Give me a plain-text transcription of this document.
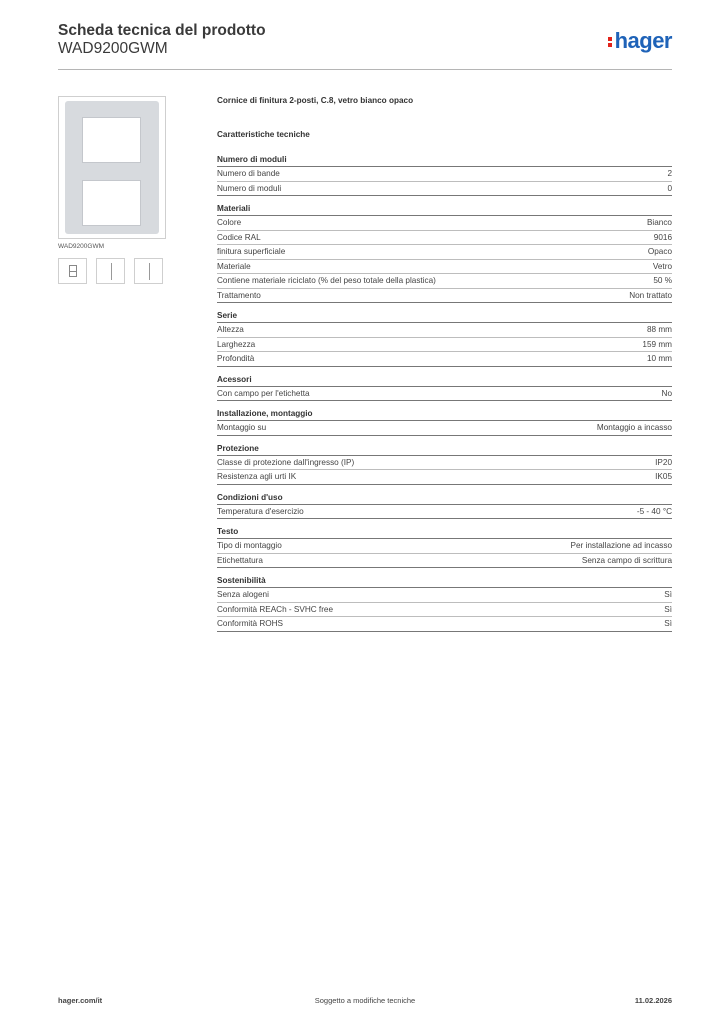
Scheda tecnica del prodotto
WAD9200GWM	hager
WAD9200GWM
Cornice di finitura 2-posti, C.8, vetro bianco opaco
Caratteristiche tecniche
Numero di moduli
Numero di bande	2
Numero di moduli	0
Materiali
Colore	Bianco
Codice RAL	9016
finitura superficiale	Opaco
Materiale	Vetro
Contiene materiale riciclato (% del peso totale della plastica)	50 %
Trattamento	Non trattato
Serie
Altezza	88 mm
Larghezza	159 mm
Profondità	10 mm
Acessori
Con campo per l'etichetta	No
Installazione, montaggio
Montaggio su	Montaggio a incasso
Protezione
Classe di protezione dall'ingresso (IP)	IP20
Resistenza agli urti IK	IK05
Condizioni d'uso
Temperatura d'esercizio	-5 - 40 °C
Testo
Tipo di montaggio	Per installazione ad incasso
Etichettatura	Senza campo di scrittura
Sostenibilità
Senza alogeni	Sì
Conformità REACh - SVHC free	Sì
Conformità ROHS	Sì
Soggetto a modifiche tecniche
hager.com/it	11.02.2026
